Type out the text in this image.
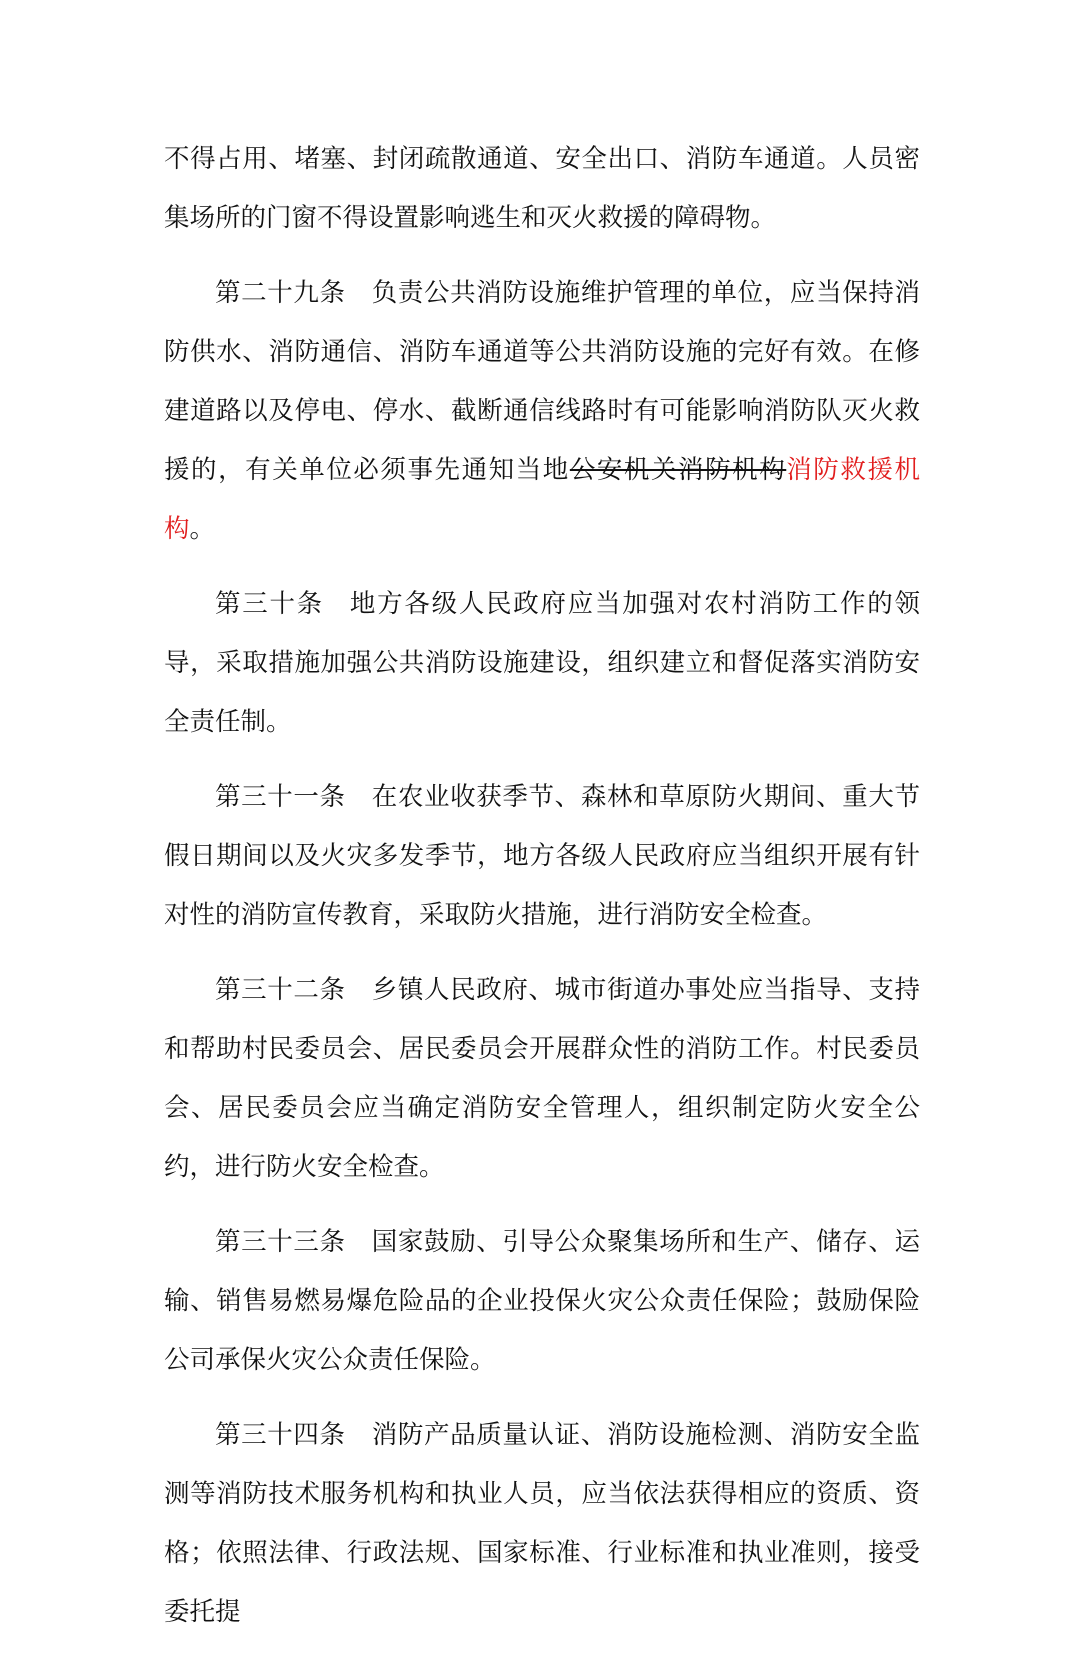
不得占用、堵塞、封闭疏散通道、安全出口、消防车通道。人员密集场所的门窗不得设置影响逃生和灭火救援的障碍物。

第二十九条 负责公共消防设施维护管理的单位，应当保持消防供水、消防通信、消防车通道等公共消防设施的完好有效。在修建道路以及停电、停水、截断通信线路时有可能影响消防队灭火救援的，有关单位必须事先通知当地公安机关消防机构消防救援机构。

第三十条 地方各级人民政府应当加强对农村消防工作的领导，采取措施加强公共消防设施建设，组织建立和督促落实消防安全责任制。

第三十一条 在农业收获季节、森林和草原防火期间、重大节假日期间以及火灾多发季节，地方各级人民政府应当组织开展有针对性的消防宣传教育，采取防火措施，进行消防安全检查。

第三十二条 乡镇人民政府、城市街道办事处应当指导、支持和帮助村民委员会、居民委员会开展群众性的消防工作。村民委员会、居民委员会应当确定消防安全管理人，组织制定防火安全公约，进行防火安全检查。

第三十三条 国家鼓励、引导公众聚集场所和生产、储存、运输、销售易燃易爆危险品的企业投保火灾公众责任保险；鼓励保险公司承保火灾公众责任保险。

第三十四条 消防产品质量认证、消防设施检测、消防安全监测等消防技术服务机构和执业人员，应当依法获得相应的资质、资格；依照法律、行政法规、国家标准、行业标准和执业准则，接受委托提
